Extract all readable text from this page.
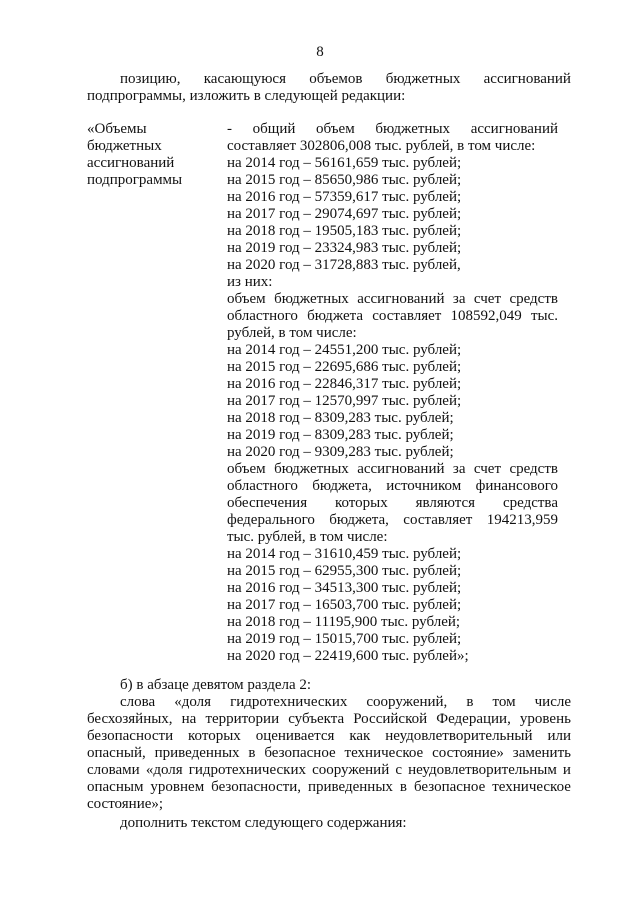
8
позицию, касающуюся объемов бюджетных ассигнований
подпрограммы, изложить в следующей редакции:
«Объемы
бюджетных
ассигнований
подпрограммы
- общий объем бюджетных ассигнований
составляет 302806,008 тыс. рублей, в том числе:
на 2014 год – 56161,659 тыс. рублей;
на 2015 год – 85650,986 тыс. рублей;
на 2016 год – 57359,617 тыс. рублей;
на 2017 год – 29074,697 тыс. рублей;
на 2018 год – 19505,183 тыс. рублей;
на 2019 год – 23324,983 тыс. рублей;
на 2020 год – 31728,883 тыс. рублей,
из них:
объем бюджетных ассигнований за счет средств
областного бюджета составляет 108592,049 тыс.
рублей, в том числе:
на 2014 год – 24551,200 тыс. рублей;
на 2015 год – 22695,686 тыс. рублей;
на 2016 год – 22846,317 тыс. рублей;
на 2017 год – 12570,997 тыс. рублей;
на 2018 год – 8309,283 тыс. рублей;
на 2019 год – 8309,283 тыс. рублей;
на 2020 год – 9309,283 тыс. рублей;
объем бюджетных ассигнований за счет средств
областного бюджета, источником финансового
обеспечения которых являются средства
федерального бюджета, составляет 194213,959
тыс. рублей, в том числе:
на 2014 год – 31610,459 тыс. рублей;
на 2015 год – 62955,300 тыс. рублей;
на 2016 год – 34513,300 тыс. рублей;
на 2017 год – 16503,700 тыс. рублей;
на 2018 год – 11195,900 тыс. рублей;
на 2019 год – 15015,700 тыс. рублей;
на 2020 год – 22419,600 тыс. рублей»;
б) в абзаце девятом раздела 2:
слова «доля гидротехнических сооружений, в том числе
бесхозяйных, на территории субъекта Российской Федерации, уровень
безопасности которых оценивается как неудовлетворительный или
опасный, приведенных в безопасное техническое состояние» заменить
словами «доля гидротехнических сооружений с неудовлетворительным и
опасным уровнем безопасности, приведенных в безопасное техническое
состояние»;
дополнить текстом следующего содержания:
